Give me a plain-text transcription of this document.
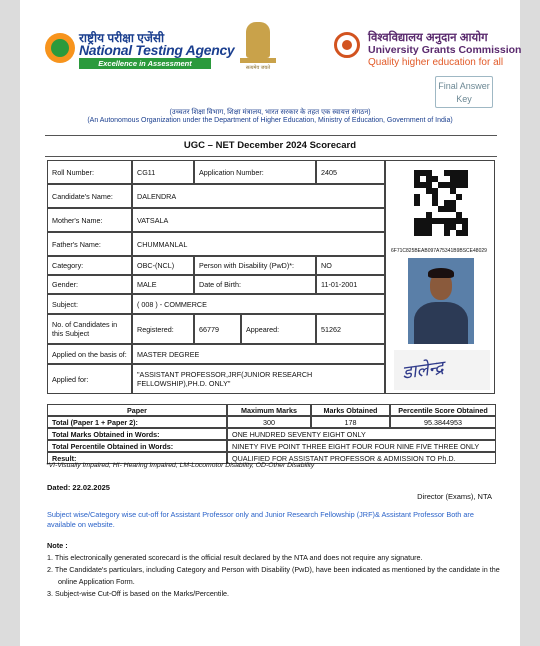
राष्ट्रीय परीक्षा एजेंसी
National Testing Agency
Excellence in Assessment	सत्यमेव जयते
विश्वविद्यालय अनुदान आयोग
University Grants Commission
Quality higher education for all
Final Answer Key
(उच्चतर शिक्षा विभाग, शिक्षा मंत्रालय, भारत सरकार के तहत एक स्वायत्त संगठन)
(An Autonomous Organization under the Department of Higher Education, Ministry of Education, Government of India)
UGC – NET December 2024 Scorecard
Roll Number:	CG11	Application Number:	2405
Candidate's Name:	DALENDRA
Mother's Name:	VATSALA
Father's Name:	CHUMMANLAL
Category:	OBC-(NCL)	Person with Disability (PwD)*:	NO
Gender:	MALE	Date of Birth:	11-01-2001
Subject:	( 008 ) - COMMERCE
No. of Candidates in this Subject	Registered:	66779	Appeared:	51262
Applied on the basis of:	MASTER DEGREE
Applied for:	"ASSISTANT PROFESSOR,JRF(JUNIOR RESEARCH FELLOWSHIP),PH.D. ONLY"
6F71C825BEAB097A75341B9BSCE48029
डालेन्द्र
Paper	Maximum Marks	Marks Obtained	Percentile Score Obtained
Total (Paper 1 + Paper 2):	300	178	95.3844953
Total Marks Obtained in Words:	ONE HUNDRED SEVENTY EIGHT ONLY
Total Percentile Obtained in Words:	NINETY FIVE POINT THREE EIGHT FOUR FOUR NINE FIVE THREE ONLY
Result:	QUALIFIED FOR ASSISTANT PROFESSOR & ADMISSION TO Ph.D.
*VI-Visually Impaired, HI- Hearing Impaired, LM-Locomotor Disability, OD-Other Disability
Dated: 22.02.2025
Director (Exams), NTA
Subject wise/Category wise cut-off for Assistant Professor only and Junior Research Fellowship (JRF)& Assistant Professor Both are available on website.
Note :
1. This electronically generated scorecard is the official result declared by the NTA and does not require any signature.
2. The Candidate's particulars, including Category and Person with Disability (PwD), have been indicated as mentioned by the candidate in the online Application Form.
3. Subject-wise Cut-Off is based on the Marks/Percentile.
